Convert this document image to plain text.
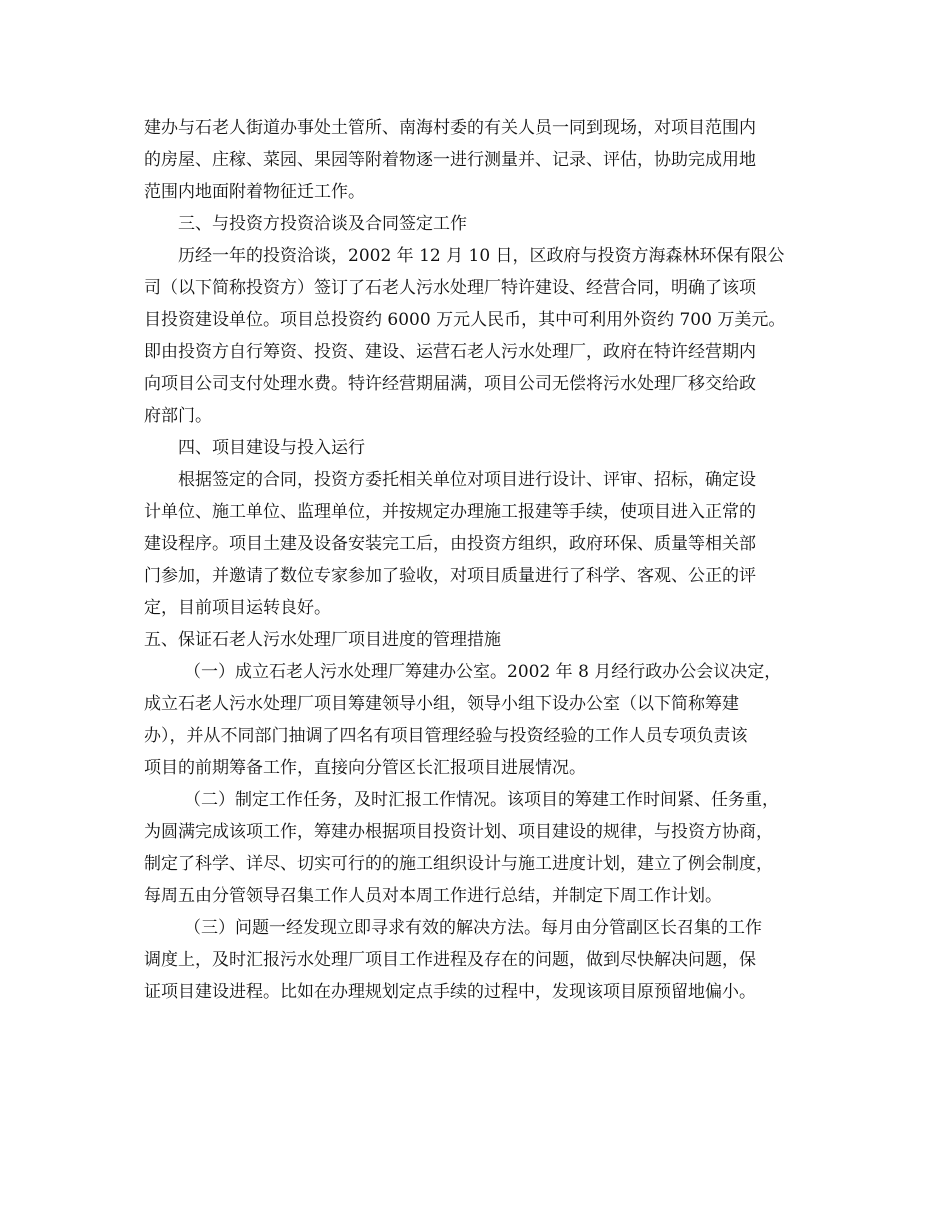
建办与石老人街道办事处土管所、南海村委的有关人员一同到现场，对项目范围内
的房屋、庄稼、菜园、果园等附着物逐一进行测量并、记录、评估，协助完成用地
范围内地面附着物征迁工作。
三、与投资方投资洽谈及合同签定工作
历经一年的投资洽谈，2002 年 12 月 10 日，区政府与投资方海森林环保有限公
司（以下简称投资方）签订了石老人污水处理厂特许建设、经营合同，明确了该项
目投资建设单位。项目总投资约 6000 万元人民币，其中可利用外资约 700 万美元。
即由投资方自行筹资、投资、建设、运营石老人污水处理厂，政府在特许经营期内
向项目公司支付处理水费。特许经营期届满，项目公司无偿将污水处理厂移交给政
府部门。
四、项目建设与投入运行
根据签定的合同，投资方委托相关单位对项目进行设计、评审、招标，确定设
计单位、施工单位、监理单位，并按规定办理施工报建等手续，使项目进入正常的
建设程序。项目土建及设备安装完工后，由投资方组织，政府环保、质量等相关部
门参加，并邀请了数位专家参加了验收，对项目质量进行了科学、客观、公正的评
定，目前项目运转良好。
五、保证石老人污水处理厂项目进度的管理措施
（一）成立石老人污水处理厂筹建办公室。2002 年 8 月经行政办公会议决定，
成立石老人污水处理厂项目筹建领导小组，领导小组下设办公室（以下简称筹建
办），并从不同部门抽调了四名有项目管理经验与投资经验的工作人员专项负责该
项目的前期筹备工作，直接向分管区长汇报项目进展情况。
（二）制定工作任务，及时汇报工作情况。该项目的筹建工作时间紧、任务重，
为圆满完成该项工作，筹建办根据项目投资计划、项目建设的规律，与投资方协商，
制定了科学、详尽、切实可行的的施工组织设计与施工进度计划，建立了例会制度，
每周五由分管领导召集工作人员对本周工作进行总结，并制定下周工作计划。
（三）问题一经发现立即寻求有效的解决方法。每月由分管副区长召集的工作
调度上，及时汇报污水处理厂项目工作进程及存在的问题，做到尽快解决问题，保
证项目建设进程。比如在办理规划定点手续的过程中，发现该项目原预留地偏小。
